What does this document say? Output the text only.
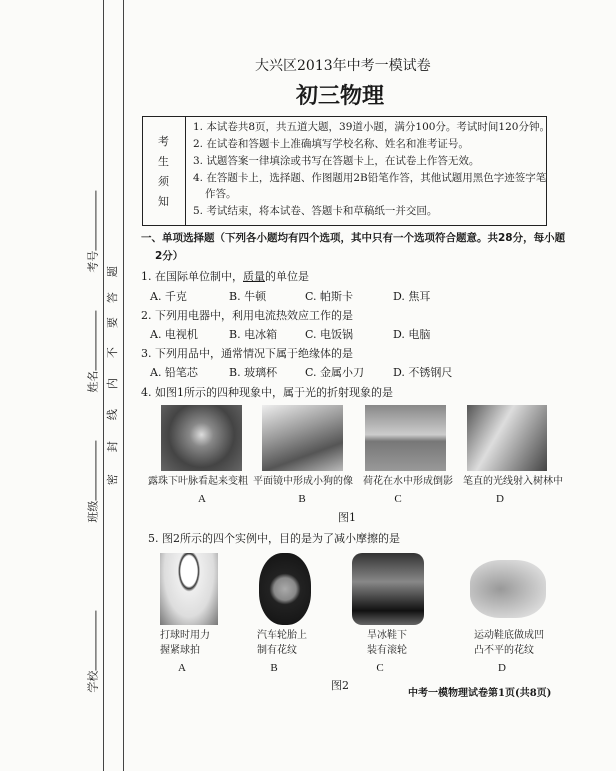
考号
姓名
班级
学校
密
封
线
内
不
要
答
题
大兴区2013年中考一模试卷
初三物理
考
生
须
知
1. 本试卷共8页，共五道大题，39道小题，满分100分。考试时间120分钟。
2. 在试卷和答题卡上准确填写学校名称、姓名和准考证号。
3. 试题答案一律填涂或书写在答题卡上，在试卷上作答无效。
4. 在答题卡上，选择题、作图题用2B铅笔作答，其他试题用黑色字迹签字笔
作答。
5. 考试结束，将本试卷、答题卡和草稿纸一并交回。
一、单项选择题（下列各小题均有四个选项，其中只有一个选项符合题意。共28分，每小题
2分）
1. 在国际单位制中，质量的单位是
A. 千克	B. 牛顿	C. 帕斯卡	D. 焦耳
2. 下列用电器中，利用电流热效应工作的是
A. 电视机	B. 电冰箱	C. 电饭锅	D. 电脑
3. 下列用品中，通常情况下属于绝缘体的是
A. 铅笔芯	B. 玻璃杯	C. 金属小刀	D. 不锈钢尺
4. 如图1所示的四种现象中，属于光的折射现象的是
露珠下叶脉看起来变粗 平面镜中形成小狗的像	荷花在水中形成倒影	笔直的光线射入树林中
A	B	C	D
图1
5. 图2所示的四个实例中，目的是为了减小摩擦的是
打球时用力
握紧球拍
汽车轮胎上
制有花纹
旱冰鞋下
装有滚轮
运动鞋底做成凹
凸不平的花纹
A	B	C	D
图2
中考一模物理试卷第1页(共8页)
